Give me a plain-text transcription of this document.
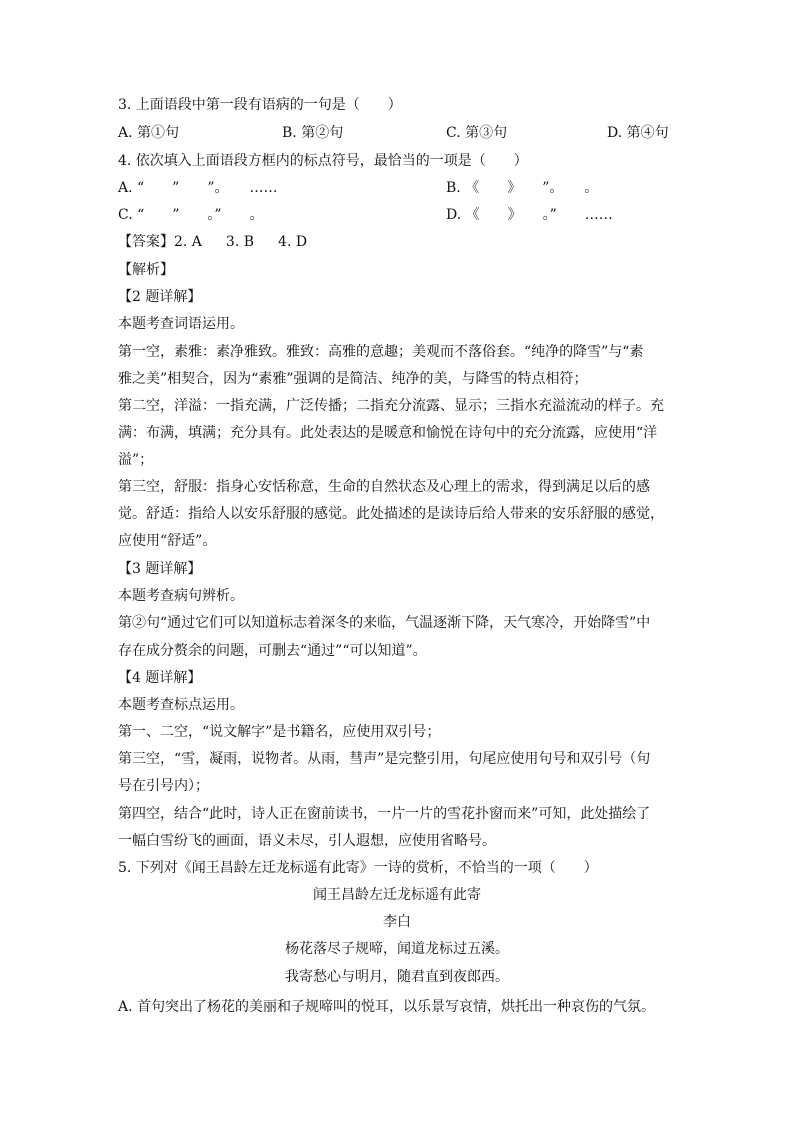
3. 上面语段中第一段有语病的一句是（　　）
A. 第①句	B. 第②句	C. 第③句	D. 第④句
4. 依次填入上面语段方框内的标点符号，最恰当的一项是（　　）
A. “　　”　　”。　　……	B. 《　　》　　”。　　。
C. “　　”　　。”　　。	D. 《　　》　　。”　　……
【答案】2. A 3. B 4. D
【解析】
【2 题详解】
本题考查词语运用。
第一空，素雅：素净雅致。雅致：高雅的意趣；美观而不落俗套。“纯净的降雪”与“素
雅之美”相契合，因为“素雅”强调的是简洁、纯净的美，与降雪的特点相符；
第二空，洋溢：一指充满，广泛传播；二指充分流露、显示；三指水充溢流动的样子。充
满：布满，填满；充分具有。此处表达的是暖意和愉悦在诗句中的充分流露，应使用“洋
溢”；
第三空，舒服：指身心安恬称意，生命的自然状态及心理上的需求，得到满足以后的感
觉。舒适：指给人以安乐舒服的感觉。此处描述的是读诗后给人带来的安乐舒服的感觉，
应使用“舒适”。
【3 题详解】
本题考查病句辨析。
第②句“通过它们可以知道标志着深冬的来临，气温逐渐下降，天气寒冷，开始降雪”中
存在成分赘余的问题，可删去“通过”“可以知道”。
【4 题详解】
本题考查标点运用。
第一、二空，“说文解字”是书籍名，应使用双引号；
第三空，“雪，凝雨，说物者。从雨，彗声”是完整引用，句尾应使用句号和双引号（句
号在引号内）；
第四空，结合“此时，诗人正在窗前读书，一片一片的雪花扑窗而来”可知，此处描绘了
一幅白雪纷飞的画面，语义未尽，引人遐想，应使用省略号。
5. 下列对《闻王昌龄左迁龙标遥有此寄》一诗的赏析，不恰当的一项（　　）
闻王昌龄左迁龙标遥有此寄
李白
杨花落尽子规啼，闻道龙标过五溪。
我寄愁心与明月，随君直到夜郎西。
A. 首句突出了杨花的美丽和子规啼叫的悦耳，以乐景写哀情，烘托出一种哀伤的气氛。
